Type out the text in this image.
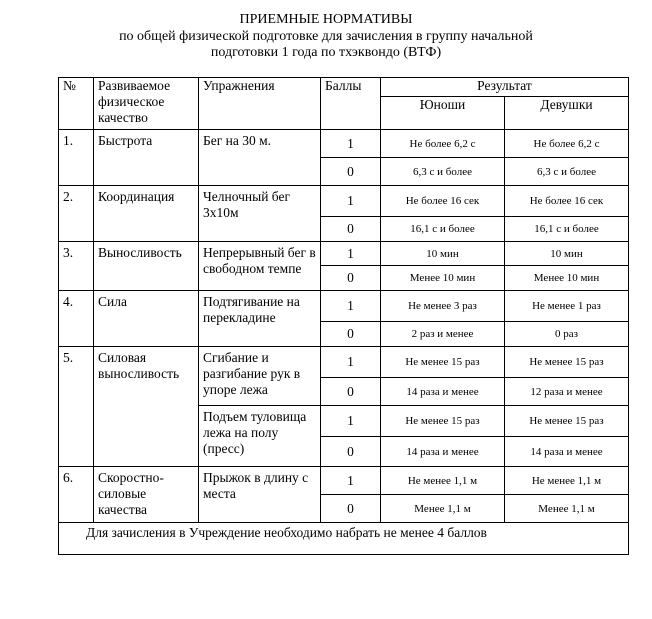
ПРИЕМНЫЕ НОРМАТИВЫ
по общей физической подготовке для зачисления в группу начальной
подготовки 1 года по тхэквондо (ВТФ)
№	Развиваемое физическое качество	Упражнения	Баллы	Результат	
				Юноши	Девушки
1.	Быстрота	Бег на 30 м.	1	Не более 6,2 с	Не более 6,2 с
			0	6,3 с и более	6,3 с и более
2.	Координация	Челночный бег 3х10м	1	Не более 16 сек	Не более 16 сек
			0	16,1 с и более	16,1 с и более
3.	Выносливость	Непрерывный бег в свободном темпе	1	10 мин	10 мин
			0	Менее 10 мин	Менее 10 мин
4.	Сила	Подтягивание на перекладине	1	Не менее 3 раз	Не менее 1 раз
			0	2 раз и менее	0 раз
5.	Силовая выносливость	Сгибание и разгибание рук в упоре лежа	1	Не менее 15 раз	Не менее 15 раз
			0	14 раза и менее	12 раза и менее
		Подъем туловища лежа на полу (пресс)	1	Не менее 15 раз	Не менее 15 раз
			0	14 раза и менее	14 раза и менее
6.	Скоростно-силовые качества	Прыжок в длину с места	1	Не менее 1,1 м	Не менее 1,1 м
			0	Менее 1,1 м	Менее 1,1 м
Для зачисления в Учреждение необходимо набрать не менее 4 баллов					
